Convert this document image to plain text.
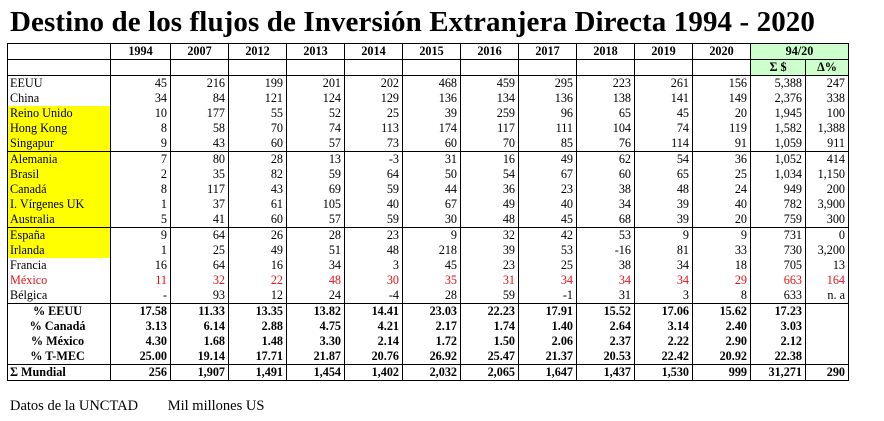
Destino de los flujos de Inversión Extranjera Directa 1994 - 2020
	1994	2007	2012	2013	2014	2015	2016	2017	2018	2019	2020	94/20	
												Σ $	Δ%
EEUU	45	216	199	201	202	468	459	295	223	261	156	5,388	247
China	34	84	121	124	129	136	134	136	138	141	149	2,376	338
Reino Unido	10	177	55	52	25	39	259	96	65	45	20	1,945	100
Hong Kong	8	58	70	74	113	174	117	111	104	74	119	1,582	1,388
Singapur	9	43	60	57	73	60	70	85	76	114	91	1,059	911
Alemania	7	80	28	13	-3	31	16	49	62	54	36	1,052	414
Brasil	2	35	82	59	64	50	54	67	60	65	25	1,034	1,150
Canadá	8	117	43	69	59	44	36	23	38	48	24	949	200
I. Vírgenes UK	1	37	61	105	40	67	49	40	34	39	40	782	3,900
Australia	5	41	60	57	59	30	48	45	68	39	20	759	300
España	9	64	26	28	23	9	32	42	53	9	9	731	0
Irlanda	1	25	49	51	48	218	39	53	-16	81	33	730	3,200
Francia	16	64	16	34	3	45	23	25	38	34	18	705	13
México	11	32	22	48	30	35	31	34	34	34	29	663	164
Bélgica	-	93	12	24	-4	28	59	-1	31	3	8	633	n. a
% EEUU	17.58	11.33	13.35	13.82	14.41	23.03	22.23	17.91	15.52	17.06	15.62	17.23	
% Canadá	3.13	6.14	2.88	4.75	4.21	2.17	1.74	1.40	2.64	3.14	2.40	3.03	
% México	4.30	1.68	1.48	3.30	2.14	1.72	1.50	2.06	2.37	2.22	2.90	2.12	
% T-MEC	25.00	19.14	17.71	21.87	20.76	26.92	25.47	21.37	20.53	22.42	20.92	22.38	
Σ Mundial	256	1,907	1,491	1,454	1,402	2,032	2,065	1,647	1,437	1,530	999	31,271	290
Datos de la UNCTAD Mil millones US
